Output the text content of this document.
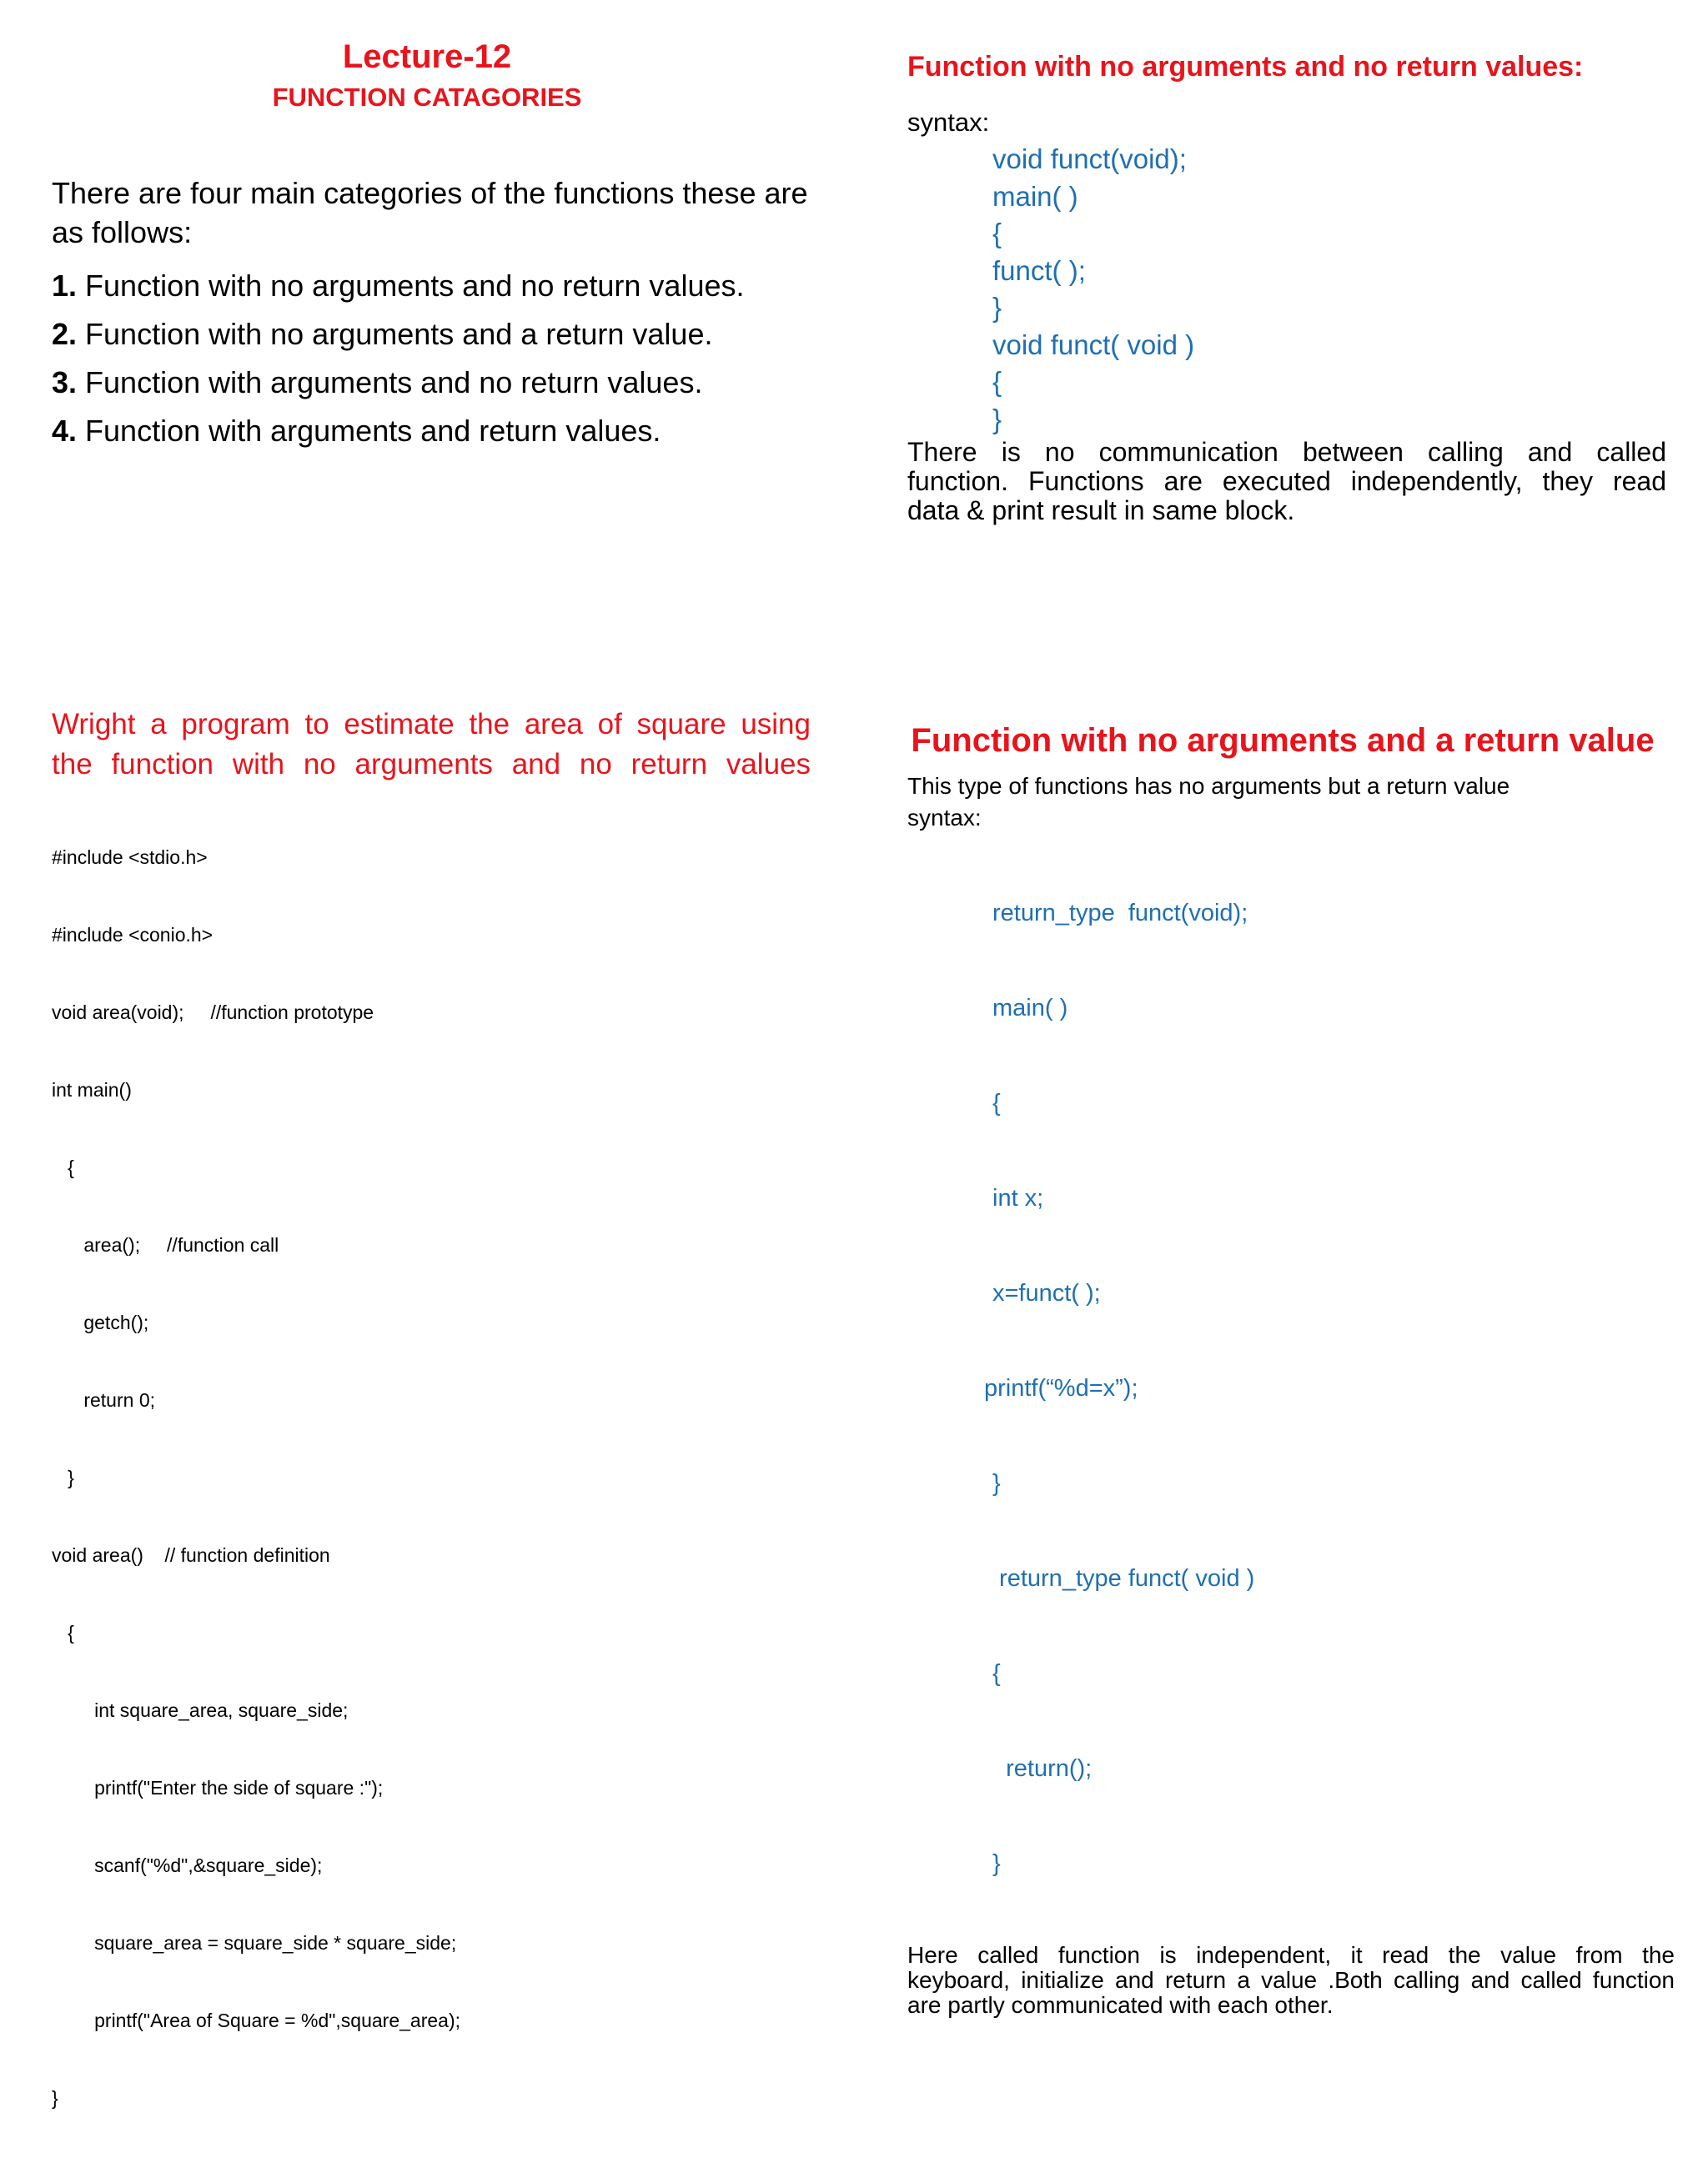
Lecture-12
FUNCTION CATAGORIES
There are four main categories of the functions these are as follows:
1. Function with no arguments and no return values.
2. Function with no arguments and a return value.
3. Function with arguments and no return values.
4. Function with arguments and return values.
Function with no arguments and no return values:
syntax:
void funct(void);
main( )
{
funct( );
}
void funct( void )
{
}
There is no communication between calling and called
function. Functions are executed independently, they read
data & print result in same block.
Wright a program to estimate the area of square using
the function with no arguments and no return values

#include <stdio.h>

#include <conio.h>

void area(void);     //function prototype

int main()

{

area();     //function call

getch();

return 0;

}

void area()    // function definition

{

int square_area, square_side;

printf("Enter the side of square :");

scanf("%d",&square_side);

square_area = square_side * square_side;

printf("Area of Square = %d",square_area);

}

Function with no arguments and a return value
This type of functions has no arguments but a return value
syntax:

return_type  funct(void);

main( )

{

int x;

x=funct( );

printf(“%d=x”);

}

return_type funct( void )

{

return();

}

Here called function is independent, it read the value from the
keyboard, initialize and return a value .Both calling and called function
are partly communicated with each other.
